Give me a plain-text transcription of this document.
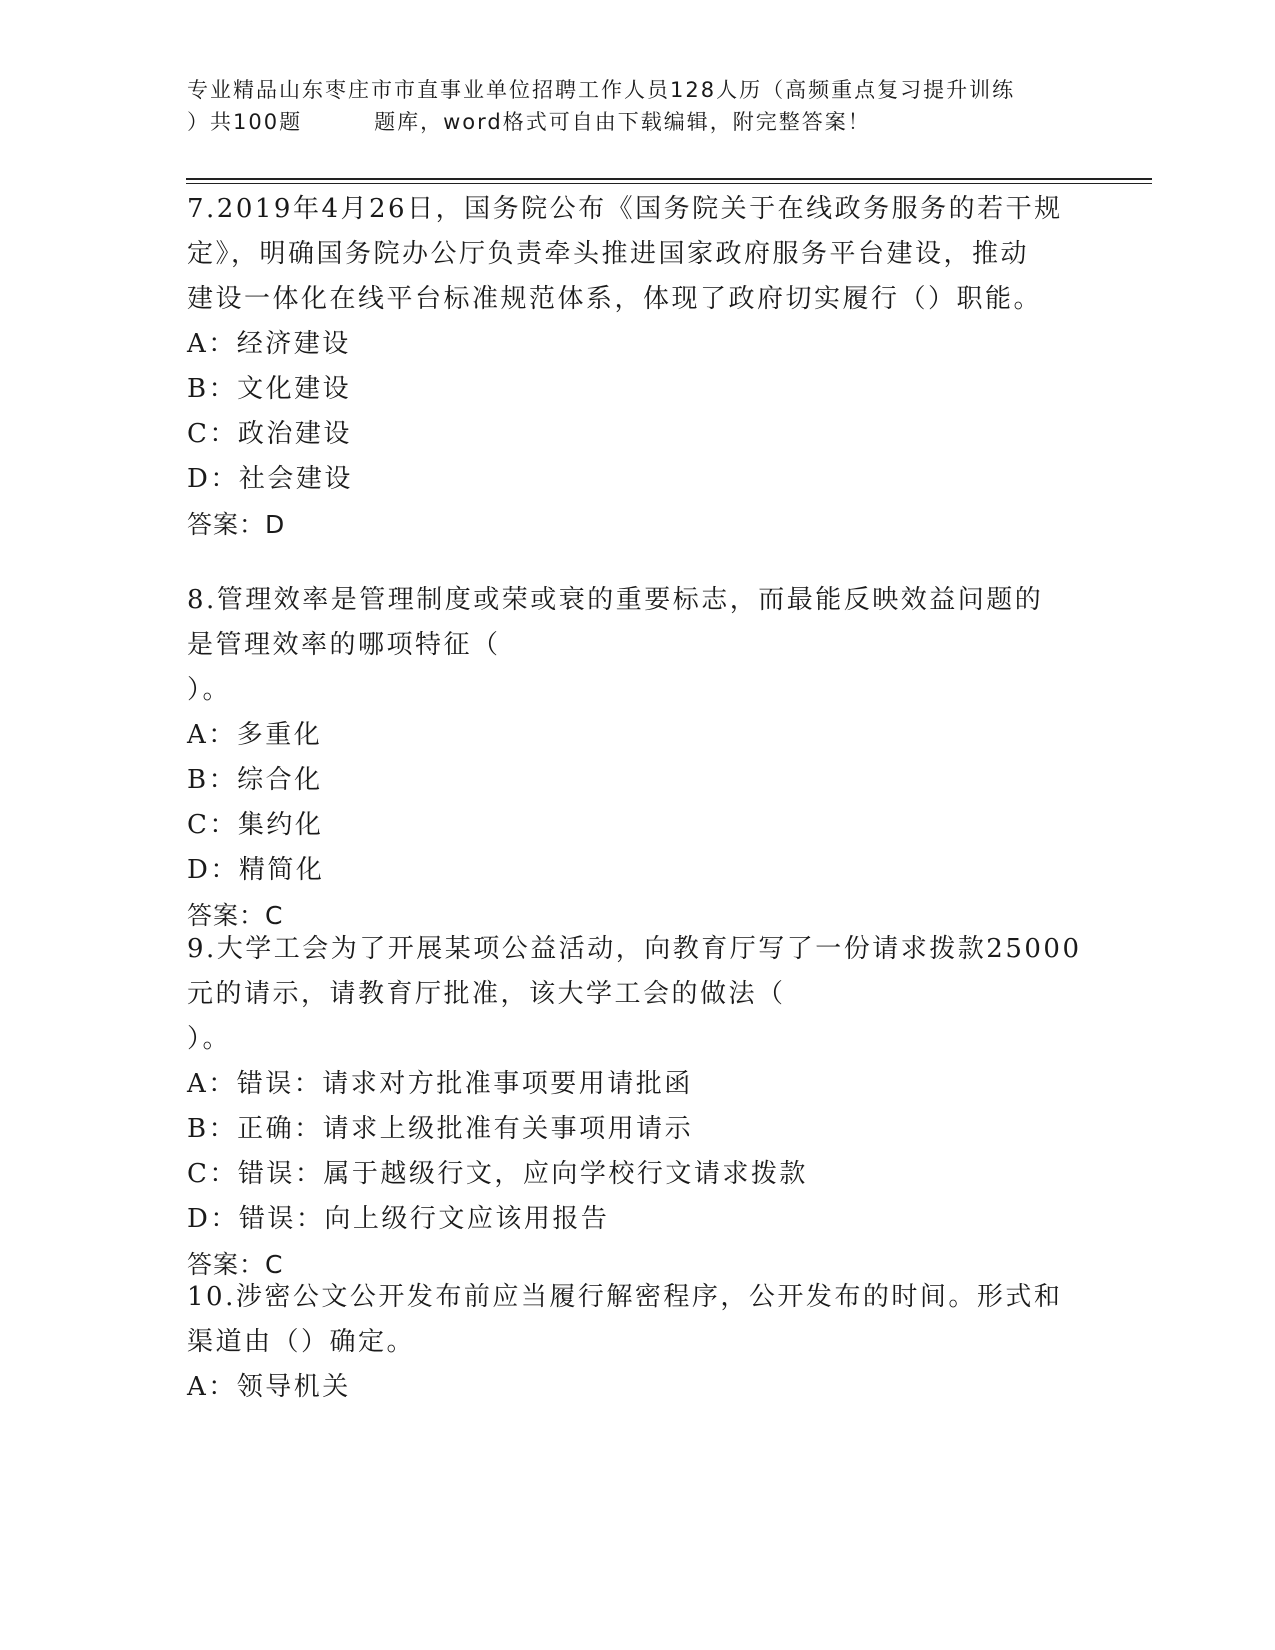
专业精品山东枣庄市市直事业单位招聘工作人员128人历（高频重点复习提升训练
）共100题	题库，word格式可自由下载编辑，附完整答案！
7.2019年4月26日，国务院公布《国务院关于在线政务服务的若干规
定》，明确国务院办公厅负责牵头推进国家政府服务平台建设，推动
建设一体化在线平台标准规范体系，体现了政府切实履行（）职能。
A：经济建设
B：文化建设
C：政治建设
D：社会建设
答案：D
8.管理效率是管理制度或荣或衰的重要标志，而最能反映效益问题的
是管理效率的哪项特征（
）。
A：多重化
B：综合化
C：集约化
D：精简化
答案：C
9.大学工会为了开展某项公益活动，向教育厅写了一份请求拨款25000
元的请示，请教育厅批准，该大学工会的做法（
）。
A：错误：请求对方批准事项要用请批函
B：正确：请求上级批准有关事项用请示
C：错误：属于越级行文，应向学校行文请求拨款
D：错误：向上级行文应该用报告
答案：C
10.涉密公文公开发布前应当履行解密程序，公开发布的时间。形式和
渠道由（）确定。
A：领导机关
